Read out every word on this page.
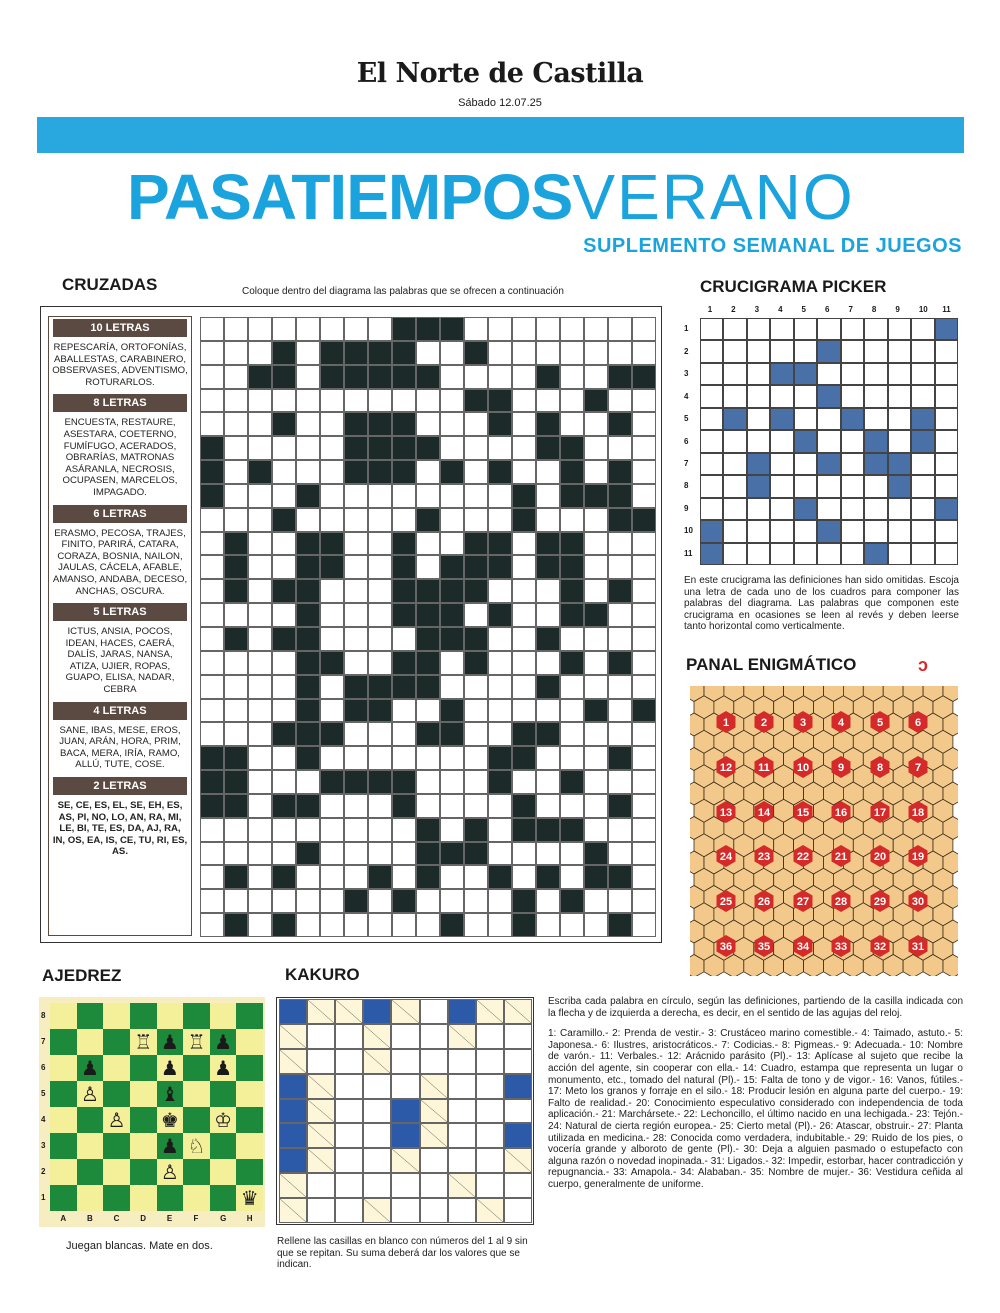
El Norte de Castilla
Sábado 12.07.25
PASATIEMPOSVERANO
SUPLEMENTO SEMANAL DE JUEGOS
CRUZADAS	Coloque dentro del diagrama las palabras que se ofrecen a continuación
10 LETRAS
REPESCARÍA, ORTOFONÍAS, ABALLESTAS, CARABINERO, OBSERVASES, ADVENTISMO, ROTURARLOS.
8 LETRAS
ENCUESTA, RESTAURE, ASESTARA, COETERNO, FUMÍFUGO, ACERADOS, OBRARÍAS, MATRONAS ASÁRANLA, NECROSIS, OCUPASEN, MARCELOS, IMPAGADO.
6 LETRAS
ERASMO, PECOSA, TRAJES, FINITO, PARIRÁ, CATARA, CORAZA, BOSNIA, NAILON, JAULAS, CÁCELA, AFABLE, AMANSO, ANDABA, DECESO, ANCHAS, OSCURA.
5 LETRAS
ICTUS, ANSIA, POCOS, IDEAN, HACES, CAERÁ, DALÍS, JARAS, NANSA, ATIZA, UJIER, ROPAS, GUAPO, ELISA, NADAR, CEBRA
4 LETRAS
SANE, IBAS, MESE, EROS, JUAN, ARÁN, HORA, PRIM, BACA, MERA, IRÍA, RAMO, ALLÚ, TUTE, COSE.
2 LETRAS
SE, CE, ES, EL, SE, EH, ES, AS, PI, NO, LO, AN, RA, MI, LE, BI, TE, ES, DA, AJ, RA, IN, OS, EA, IS, CE, TU, RI, ES, AS.
CRUCIGRAMA PICKER
1 2 3 4 5 6 7 8 9 10 11
1
2
3
4
5
6
7
8
9
10
11
En este crucigrama las definiciones han sido omitidas. Escoja una letra de cada uno de los cuadros para componer las palabras del diagrama. Las palabras que componen este crucigrama en ocasiones se leen al revés y deben leerse tanto horizontal como verticalmente.
PANAL ENIGMÁTICO	ↄ
1	2	3	4	5	6
12 11 10	9	8	7
13 14 15 16 17 18
24 23 22 21 20 19
25 26 27 28 29 30
36 35 34 33 32 31
AJEDREZ
♖ ♟ ♖ ♟
♟	♟ ♟
♙	♝
♙ ♚ ♔
♟ ♘
♙
♛
8
7
6
5
4
3
2
1
A	B	C	D	E	F	G	H
Juegan blancas. Mate en dos.
KAKURO
Rellene las casillas en blanco con números del 1 al 9 sin que se repitan. Su suma deberá dar los valores que se indican.
Escriba cada palabra en círculo, según las definiciones, partiendo de la casilla indicada con la flecha y de izquierda a derecha, es decir, en el sentido de las agujas del reloj.
1: Caramillo.- 2: Prenda de vestir.- 3: Crustáceo marino comestible.- 4: Taimado, astuto.- 5: Japonesa.- 6: Ilustres, aristocráticos.- 7: Codicias.- 8: Pigmeas.- 9: Adecuada.- 10: Nombre de varón.- 11: Verbales.- 12: Arácnido parásito (Pl).- 13: Aplícase al sujeto que recibe la acción del agente, sin cooperar con ella.- 14: Cuadro, estampa que representa un lugar o monumento, etc., tomado del natural (Pl).- 15: Falta de tono y de vigor.- 16: Vanos, fútiles.- 17: Meto los granos y forraje en el silo.- 18: Producir lesión en alguna parte del cuerpo.- 19: Falto de realidad.- 20: Conocimiento especulativo considerado con independencia de toda aplicación.- 21: Marchársete.- 22: Lechoncillo, el último nacido en una lechigada.- 23: Tejón.- 24: Natural de cierta región europea.- 25: Cierto metal (Pl).- 26: Atascar, obstruir.- 27: Planta utilizada en medicina.- 28: Conocida como verdadera, indubitable.- 29: Ruido de los pies, o vocería grande y alboroto de gente (Pl).- 30: Deja a alguien pasmado o estupefacto con alguna razón o novedad inopinada.- 31: Ligados.- 32: Impedir, estorbar, hacer contradicción y repugnancia.- 33: Amapola.- 34: Alababan.- 35: Nombre de mujer.- 36: Vestidura ceñida al cuerpo, generalmente de uniforme.
